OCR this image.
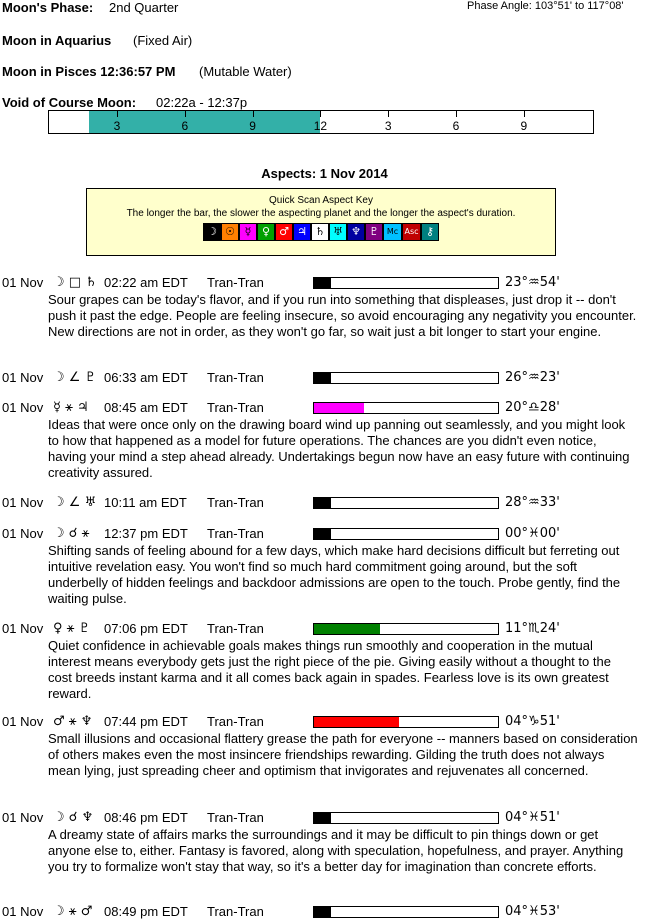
Moon's Phase: 2nd Quarter	Phase Angle: 103°51' to 117°08'
Moon in Aquarius (Fixed Air)
Moon in Pisces 12:36:57 PM (Mutable Water)
Void of Course Moon: 02:22a - 12:37p
3	6	9	12	3	6	9
Aspects: 1 Nov 2014
Quick Scan Aspect Key
The longer the bar, the slower the aspecting planet and the longer the aspect's duration.
☽ ☉ ☿ ♀ ♂ ♃ ♄ ♅ ♆ ♇ Mc Asc ⚷
01 Nov ☽ □ ♄ 02:22 am EDT Tran-Tran	23°♒54'
Sour grapes can be today's flavor, and if you run into something that displeases, just drop it -- don't push it past the edge. People are feeling insecure, so avoid encouraging any negativity you encounter. New directions are not in order, as they won't go far, so wait just a bit longer to start your engine.
01 Nov ☽ ∠ ♇ 06:33 am EDT Tran-Tran	26°♒23'
01 Nov ☿ ⚹ ♃ 08:45 am EDT Tran-Tran	20°♎28'
Ideas that were once only on the drawing board wind up panning out seamlessly, and you might look to how that happened as a model for future operations. The chances are you didn't even notice, having your mind a step ahead already. Undertakings begun now have an easy future with continuing creativity assured.
01 Nov ☽ ∠ ♅ 10:11 am EDT Tran-Tran	28°♒33'
01 Nov ☽ ☌ ⚹ 12:37 pm EDT Tran-Tran	00°♓00'
Shifting sands of feeling abound for a few days, which make hard decisions difficult but ferreting out intuitive revelation easy. You won't find so much hard commitment going around, but the soft underbelly of hidden feelings and backdoor admissions are open to the touch. Probe gently, find the waiting pulse.
01 Nov ♀ ⚹ ♇ 07:06 pm EDT Tran-Tran	11°♏24'
Quiet confidence in achievable goals makes things run smoothly and cooperation in the mutual interest means everybody gets just the right piece of the pie. Giving easily without a thought to the cost breeds instant karma and it all comes back again in spades. Fearless love is its own greatest reward.
01 Nov ♂ ⚹ ♆ 07:44 pm EDT Tran-Tran	04°♑51'
Small illusions and occasional flattery grease the path for everyone -- manners based on consideration of others makes even the most insincere friendships rewarding. Gilding the truth does not always mean lying, just spreading cheer and optimism that invigorates and rejuvenates all concerned.
01 Nov ☽ ☌ ♆ 08:46 pm EDT Tran-Tran	04°♓51'
A dreamy state of affairs marks the surroundings and it may be difficult to pin things down or get anyone else to, either. Fantasy is favored, along with speculation, hopefulness, and prayer. Anything you try to formalize won't stay that way, so it's a better day for imagination than concrete efforts.
01 Nov ☽ ⚹ ♂ 08:49 pm EDT Tran-Tran	04°♓53'
